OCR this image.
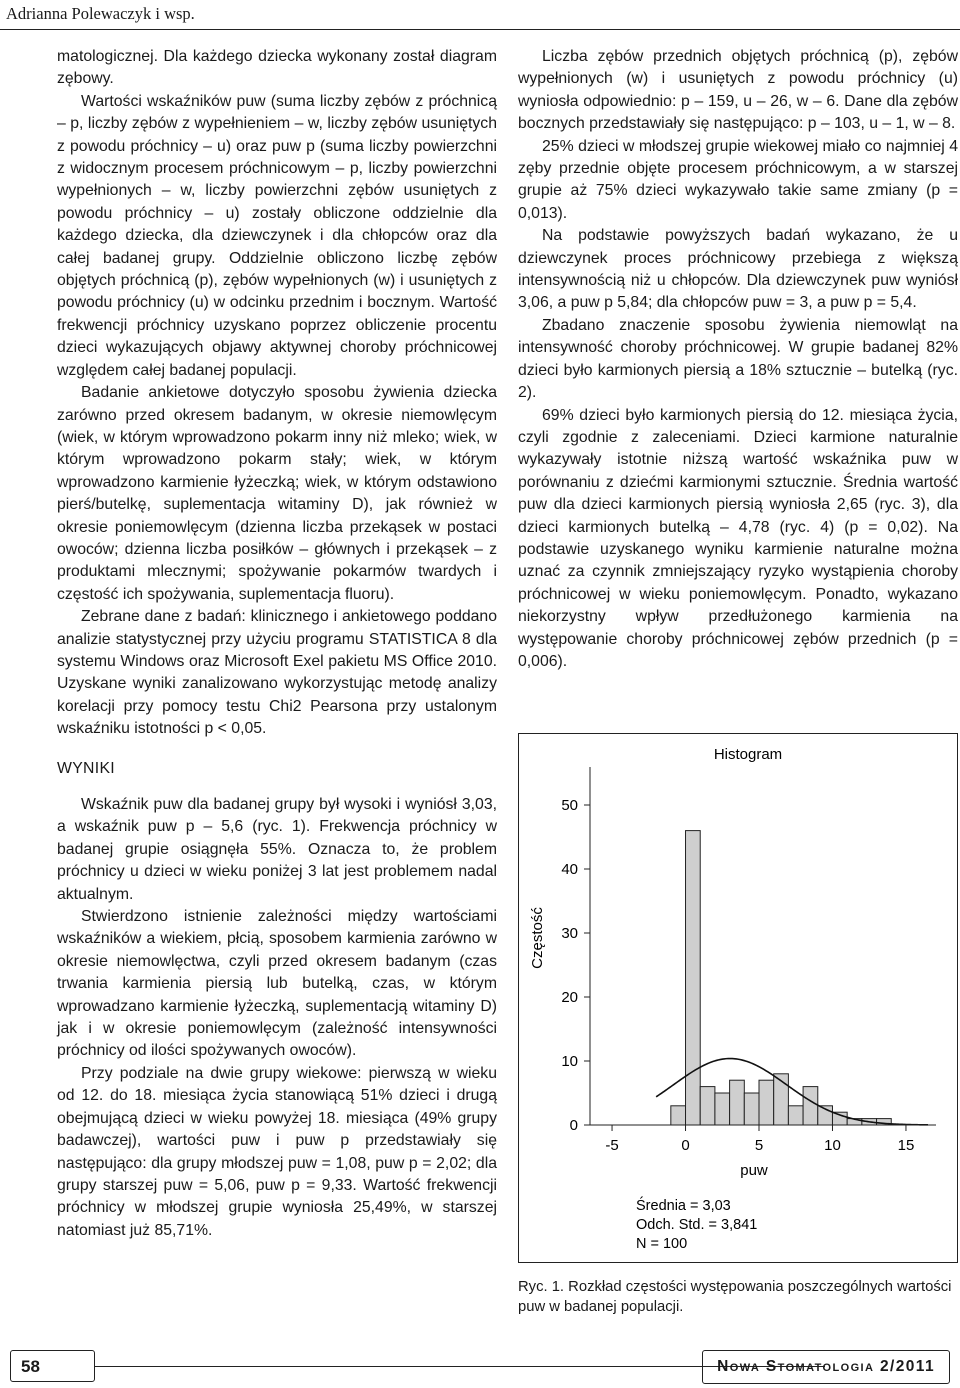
Adrianna Polewaczyk i wsp.

matologicznej. Dla każdego dziecka wykonany został diagram zębowy.

Wartości wskaźników puw (suma liczby zębów z próchnicą – p, liczby zębów z wypełnieniem – w, liczby zębów usuniętych z powodu próchnicy – u) oraz puw p (suma liczby powierzchni z widocznym procesem próchnicowym – p, liczby powierzchni wypełnionych – w, liczby powierzchni zębów usuniętych z powodu próchnicy – u) zostały obliczone oddzielnie dla każdego dziecka, dla dziewczynek i dla chłopców oraz dla całej badanej grupy. Oddzielnie obliczono liczbę zębów objętych próchnicą (p), zębów wypełnionych (w) i usuniętych z powodu próchnicy (u) w odcinku przednim i bocznym. Wartość frekwencji próchnicy uzyskano poprzez obliczenie procentu dzieci wykazujących objawy aktywnej choroby próchnicowej względem całej badanej populacji.

Badanie ankietowe dotyczyło sposobu żywienia dziecka zarówno przed okresem badanym, w okresie niemowlęcym (wiek, w którym wprowadzono pokarm inny niż mleko; wiek, w którym wprowadzono pokarm stały; wiek, w którym wprowadzono karmienie łyżeczką; wiek, w którym odstawiono pierś/butelkę, suplementacja witaminy D), jak również w okresie poniemowlęcym (dzienna liczba przekąsek w postaci owoców; dzienna liczba posiłków – głównych i przekąsek – z produktami mlecznymi; spożywanie pokarmów twardych i częstość ich spożywania, suplementacja fluoru).

Zebrane dane z badań: klinicznego i ankietowego poddano analizie statystycznej przy użyciu programu STATISTICA 8 dla systemu Windows oraz Microsoft Exel pakietu MS Office 2010. Uzyskane wyniki zanalizowano wykorzystując metodę analizy korelacji przy pomocy testu Chi2 Pearsona przy ustalonym wskaźniku istotności p < 0,05.

WYNIKI

Wskaźnik puw dla badanej grupy był wysoki i wyniósł 3,03, a wskaźnik puw p – 5,6 (ryc. 1). Frekwencja próchnicy w badanej grupie osiągnęła 55%. Oznacza to, że problem próchnicy u dzieci w wieku poniżej 3 lat jest problemem nadal aktualnym.

Stwierdzono istnienie zależności między wartościami wskaźników a wiekiem, płcią, sposobem karmienia zarówno w okresie niemowlęctwa, czyli przed okresem badanym (czas trwania karmienia piersią lub butelką, czas, w którym wprowadzano karmienie łyżeczką, suplementacją witaminy D) jak i w okresie poniemowlęcym (zależność intensywności próchnicy od ilości spożywanych owoców).

Przy podziale na dwie grupy wiekowe: pierwszą w wieku od 12. do 18. miesiąca życia stanowiącą 51% dzieci i drugą obejmującą dzieci w wieku powyżej 18. miesiąca (49% grupy badawczej), wartości puw i puw p przedstawiały się następująco: dla grupy młodszej puw = 1,08, puw p = 2,02; dla grupy starszej puw = 5,06, puw p = 9,33. Wartość frekwencji próchnicy w młodszej grupie wyniosła 25,49%, w starszej natomiast już 85,71%.

Liczba zębów przednich objętych próchnicą (p), zębów wypełnionych (w) i usuniętych z powodu próchnicy (u) wyniosła odpowiednio: p – 159, u – 26, w – 6. Dane dla zębów bocznych przedstawiały się następująco: p – 103, u – 1, w – 8.

25% dzieci w młodszej grupie wiekowej miało co najmniej 4 zęby przednie objęte procesem próchnicowym, a w starszej grupie aż 75% dzieci wykazywało takie same zmiany (p = 0,013).

Na podstawie powyższych badań wykazano, że u dziewczynek proces próchnicowy przebiega z większą intensywnością niż u chłopców. Dla dziewczynek puw wyniósł 3,06, a puw p 5,84; dla chłopców puw = 3, a puw p = 5,4.

Zbadano znaczenie sposobu żywienia niemowląt na intensywność choroby próchnicowej. W grupie badanej 82% dzieci było karmionych piersią a 18% sztucznie – butelką (ryc. 2).

69% dzieci było karmionych piersią do 12. miesiąca życia, czyli zgodnie z zaleceniami. Dzieci karmione naturalnie wykazywały istotnie niższą wartość wskaźnika puw w porównaniu z dziećmi karmionymi sztucznie. Średnia wartość puw dla dzieci karmionych piersią wyniosła 2,65 (ryc. 3), dla dzieci karmionych butelką – 4,78 (ryc. 4) (p = 0,02). Na podstawie uzyskanego wyniku karmienie naturalne można uznać za czynnik zmniejszający ryzyko wystąpienia choroby próchnicowej w wieku poniemowlęcym. Ponadto, wykazano niekorzystny wpływ przedłużonego karmienia na występowanie choroby próchnicowej zębów przednich (p = 0,006).

Histogram
Częstość
puw
0
10
20
30
40
50
-5	0	5	10	15
Średnia = 3,03
Odch. Std. = 3,841
N = 100
Ryc. 1. Rozkład częstości występowania poszczególnych wartości puw w badanej populacji.
58	Nowa Stomatologia 2/2011
